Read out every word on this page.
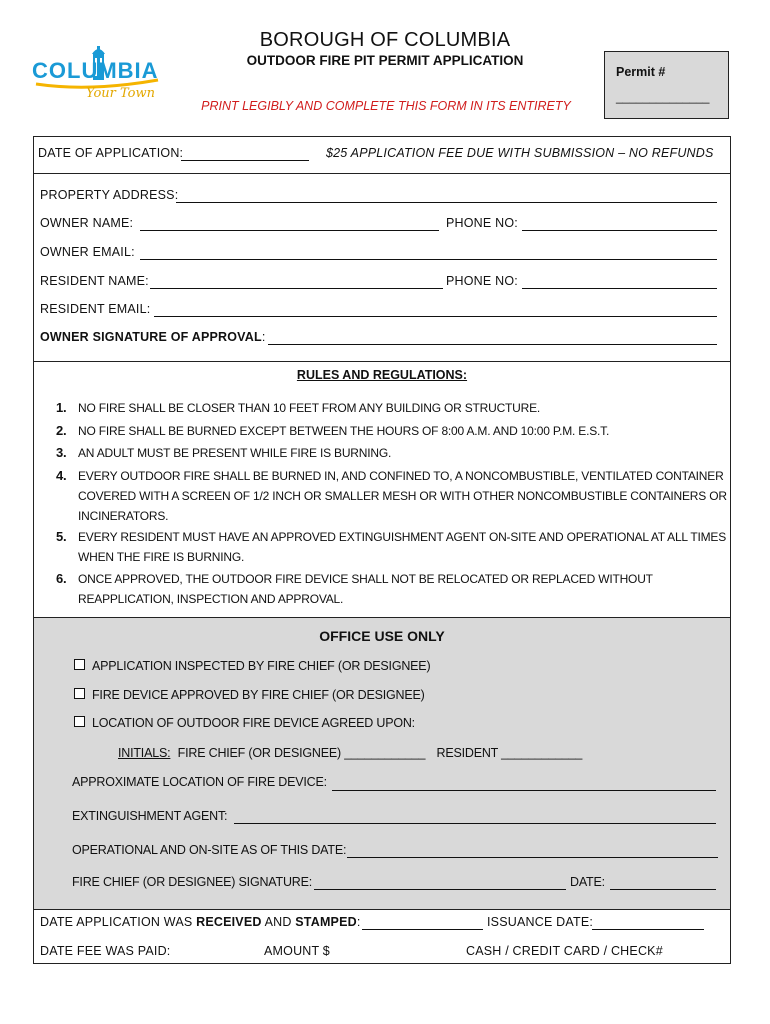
COLUMBIA
Your Town
BOROUGH OF COLUMBIA
OUTDOOR FIRE PIT PERMIT APPLICATION
PRINT LEGIBLY AND COMPLETE THIS FORM IN ITS ENTIRETY
Permit #
______________
DATE OF APPLICATION:	$25 APPLICATION FEE DUE WITH SUBMISSION – NO REFUNDS
PROPERTY ADDRESS:
OWNER NAME:	PHONE NO:
OWNER EMAIL:
RESIDENT NAME:	PHONE NO:
RESIDENT EMAIL:
OWNER SIGNATURE OF APPROVAL:
RULES AND REGULATIONS:
1. NO FIRE SHALL BE CLOSER THAN 10 FEET FROM ANY BUILDING OR STRUCTURE.
2. NO FIRE SHALL BE BURNED EXCEPT BETWEEN THE HOURS OF 8:00 A.M. AND 10:00 P.M. E.S.T.
3. AN ADULT MUST BE PRESENT WHILE FIRE IS BURNING.
4. EVERY OUTDOOR FIRE SHALL BE BURNED IN, AND CONFINED TO, A NONCOMBUSTIBLE, VENTILATED CONTAINER COVERED WITH A SCREEN OF 1/2 INCH OR SMALLER MESH OR WITH OTHER NONCOMBUSTIBLE CONTAINERS OR INCINERATORS.
5. EVERY RESIDENT MUST HAVE AN APPROVED EXTINGUISHMENT AGENT ON-SITE AND OPERATIONAL AT ALL TIMES WHEN THE FIRE IS BURNING.
6. ONCE APPROVED, THE OUTDOOR FIRE DEVICE SHALL NOT BE RELOCATED OR REPLACED WITHOUT REAPPLICATION, INSPECTION AND APPROVAL.
OFFICE USE ONLY
APPLICATION INSPECTED BY FIRE CHIEF (OR DESIGNEE)
FIRE DEVICE APPROVED BY FIRE CHIEF (OR DESIGNEE)
LOCATION OF OUTDOOR FIRE DEVICE AGREED UPON:
INITIALS: FIRE CHIEF (OR DESIGNEE) ____________ RESIDENT ____________
APPROXIMATE LOCATION OF FIRE DEVICE:
EXTINGUISHMENT AGENT:
OPERATIONAL AND ON-SITE AS OF THIS DATE:
FIRE CHIEF (OR DESIGNEE) SIGNATURE:	DATE:
DATE APPLICATION WAS RECEIVED AND STAMPED:	ISSUANCE DATE:
DATE FEE WAS PAID:	AMOUNT $	CASH / CREDIT CARD / CHECK#
